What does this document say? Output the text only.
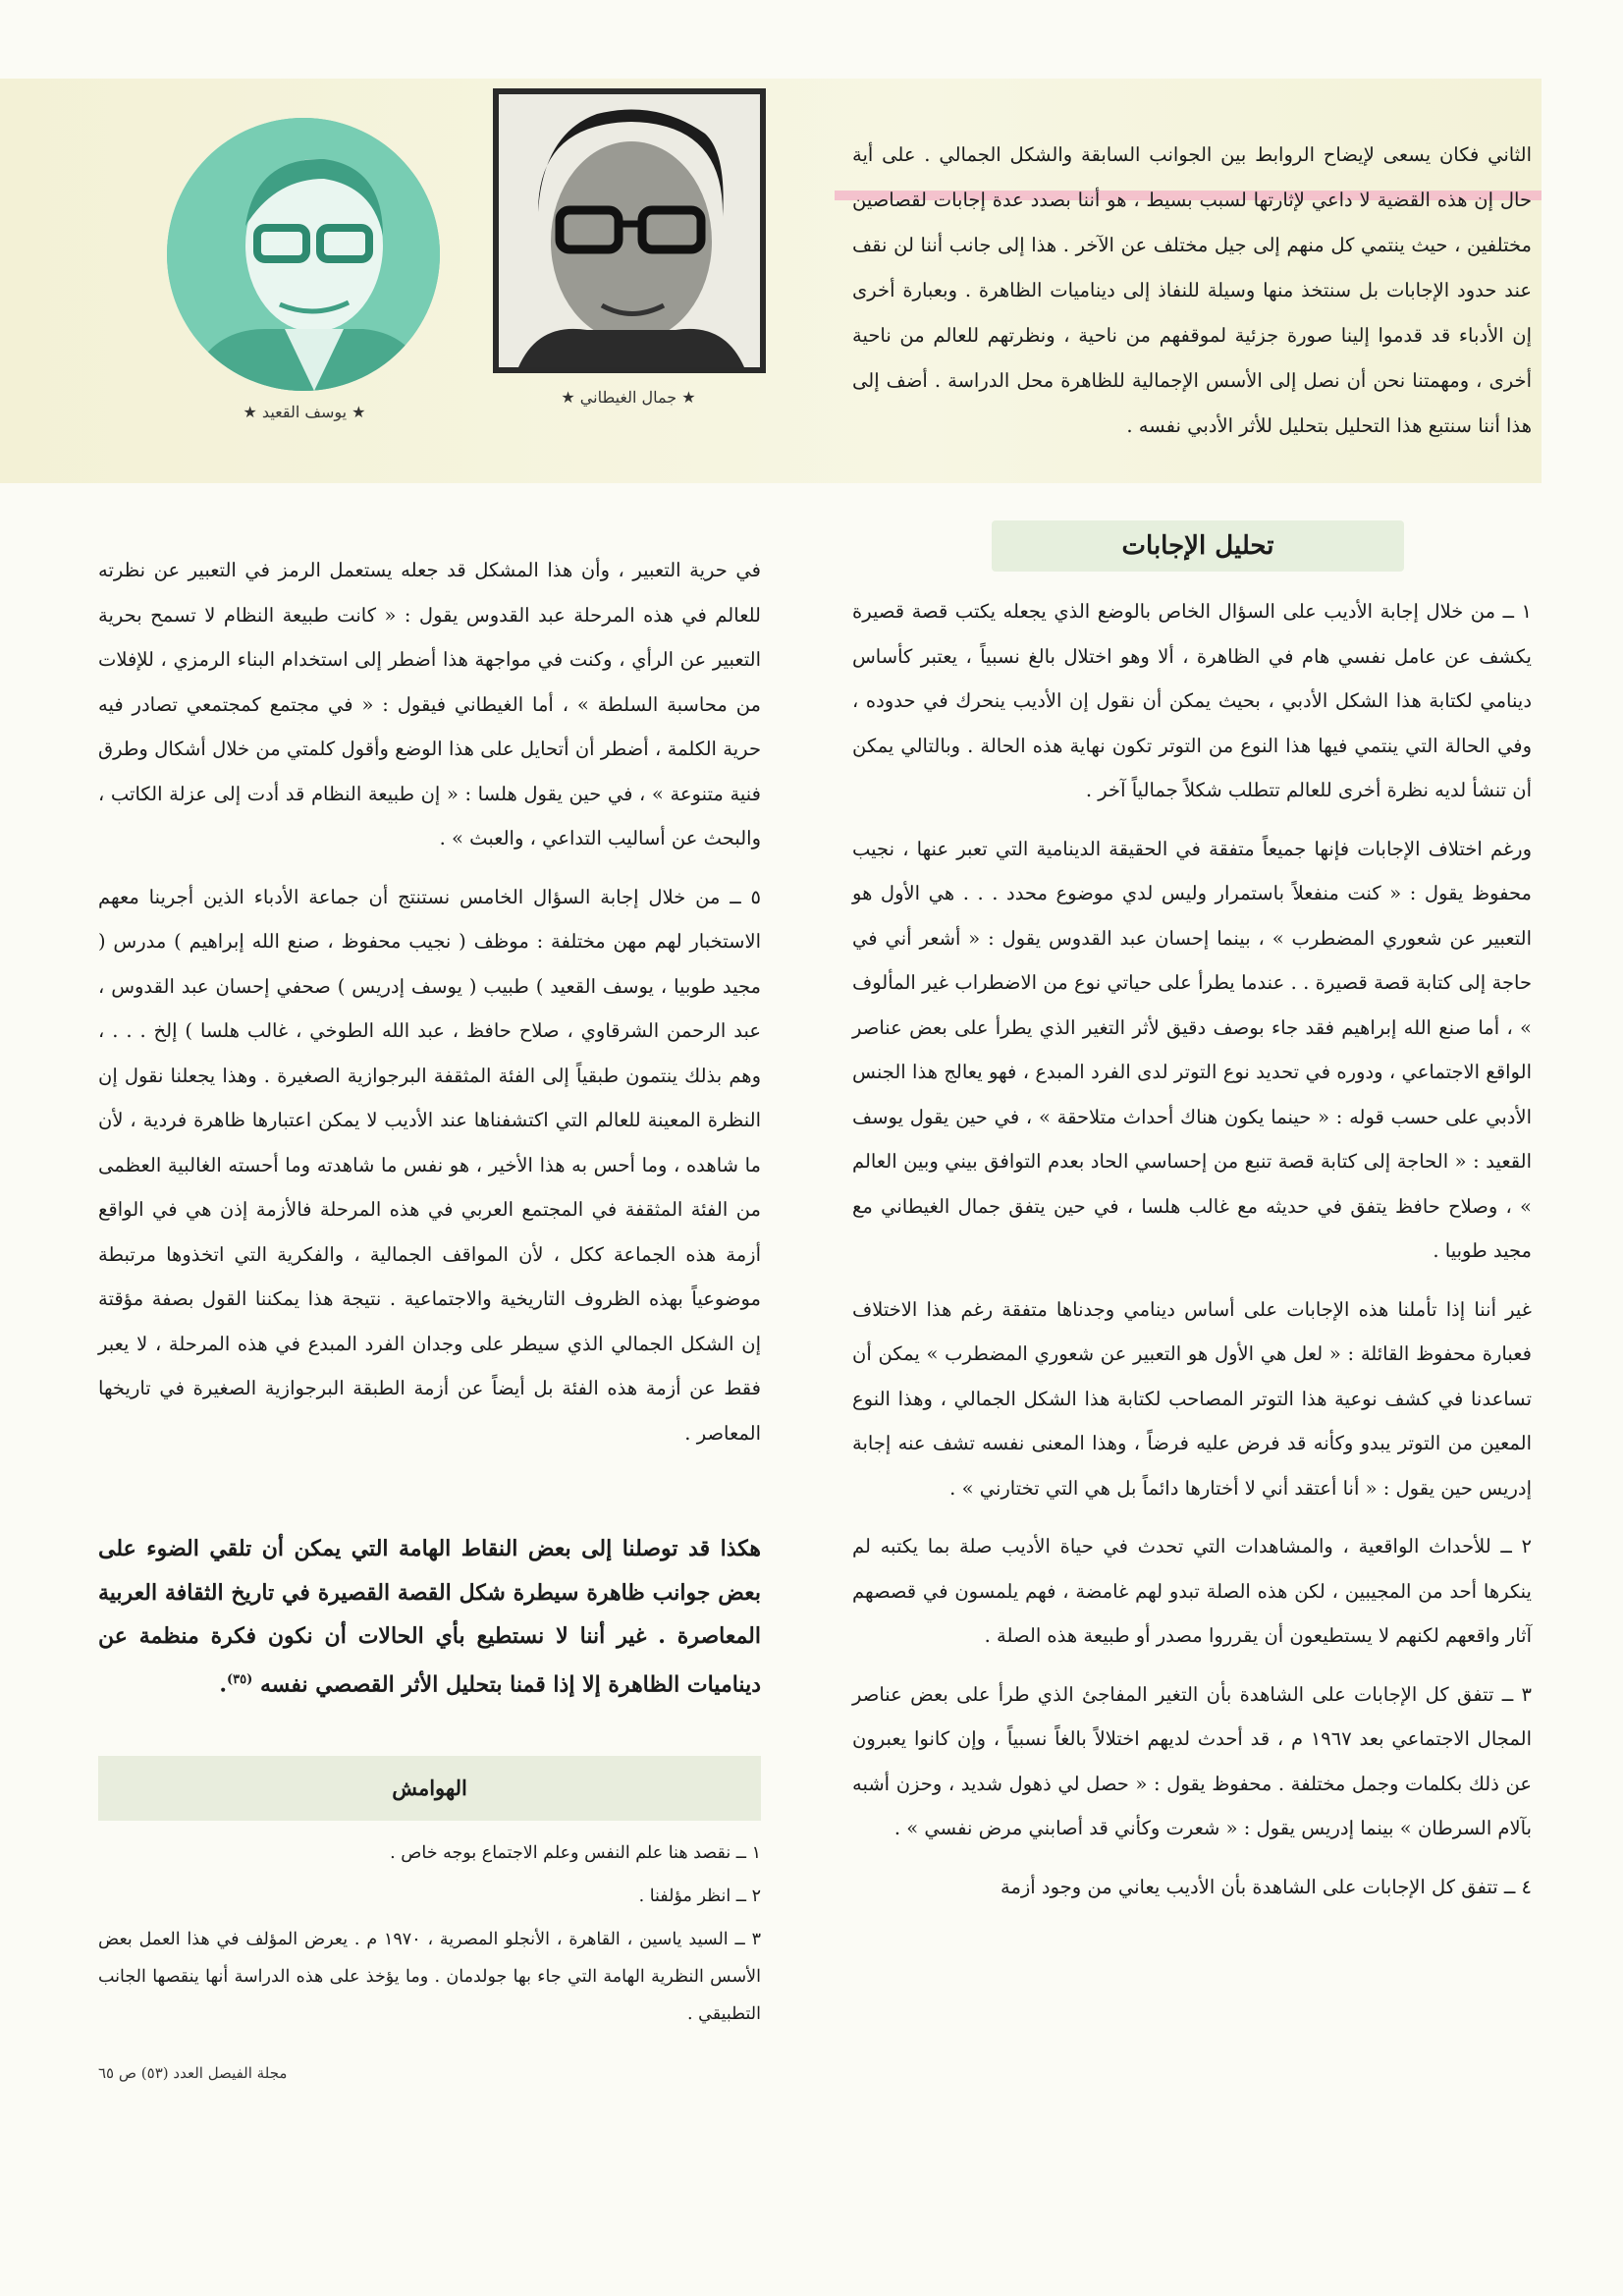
★ جمال الغيطاني ★
★ يوسف القعيد ★

الثاني فكان يسعى لإيضاح الروابط بين الجوانب السابقة والشكل الجمالي . على أية حال إن هذه القضية لا داعي لإثارتها لسبب بسيط ، هو أننا بصدد عدة إجابات لقصاصين مختلفين ، حيث ينتمي كل منهم إلى جيل مختلف عن الآخر . هذا إلى جانب أننا لن نقف عند حدود الإجابات بل سنتخذ منها وسيلة للنفاذ إلى ديناميات الظاهرة . وبعبارة أخرى إن الأدباء قد قدموا إلينا صورة جزئية لموقفهم من ناحية ، ونظرتهم للعالم من ناحية أخرى ، ومهمتنا نحن أن نصل إلى الأسس الإجمالية للظاهرة محل الدراسة . أضف إلى هذا أننا سنتبع هذا التحليل بتحليل للأثر الأدبي نفسه .

تحليل الإجابات

١ ــ من خلال إجابة الأديب على السؤال الخاص بالوضع الذي يجعله يكتب قصة قصيرة يكشف عن عامل نفسي هام في الظاهرة ، ألا وهو اختلال بالغ نسبياً ، يعتبر كأساس دينامي لكتابة هذا الشكل الأدبي ، بحيث يمكن أن نقول إن الأديب ينحرك في حدوده ، وفي الحالة التي ينتمي فيها هذا النوع من التوتر تكون نهاية هذه الحالة . وبالتالي يمكن أن تنشأ لديه نظرة أخرى للعالم تتطلب شكلاً جمالياً آخر .

ورغم اختلاف الإجابات فإنها جميعاً متفقة في الحقيقة الدينامية التي تعبر عنها ، نجيب محفوظ يقول : « كنت منفعلاً باستمرار وليس لدي موضوع محدد . . . هي الأول هو التعبير عن شعوري المضطرب » ، بينما إحسان عبد القدوس يقول : « أشعر أني في حاجة إلى كتابة قصة قصيرة . . عندما يطرأ على حياتي نوع من الاضطراب غير المألوف » ، أما صنع الله إبراهيم فقد جاء بوصف دقيق لأثر التغير الذي يطرأ على بعض عناصر الواقع الاجتماعي ، ودوره في تحديد نوع التوتر لدى الفرد المبدع ، فهو يعالج هذا الجنس الأدبي على حسب قوله : « حينما يكون هناك أحداث متلاحقة » ، في حين يقول يوسف القعيد : « الحاجة إلى كتابة قصة تنبع من إحساسي الحاد بعدم التوافق بيني وبين العالم » ، وصلاح حافظ يتفق في حديثه مع غالب هلسا ، في حين يتفق جمال الغيطاني مع مجيد طوبيا .

غير أننا إذا تأملنا هذه الإجابات على أساس دينامي وجدناها متفقة رغم هذا الاختلاف فعبارة محفوظ القائلة : « لعل هي الأول هو التعبير عن شعوري المضطرب » يمكن أن تساعدنا في كشف نوعية هذا التوتر المصاحب لكتابة هذا الشكل الجمالي ، وهذا النوع المعين من التوتر يبدو وكأنه قد فرض عليه فرضاً ، وهذا المعنى نفسه تشف عنه إجابة إدريس حين يقول : « أنا أعتقد أني لا أختارها دائماً بل هي التي تختارني » .

٢ ــ للأحداث الواقعية ، والمشاهدات التي تحدث في حياة الأديب صلة بما يكتبه لم ينكرها أحد من المجيبين ، لكن هذه الصلة تبدو لهم غامضة ، فهم يلمسون في قصصهم آثار واقعهم لكنهم لا يستطيعون أن يقرروا مصدر أو طبيعة هذه الصلة .

٣ ــ تتفق كل الإجابات على الشاهدة بأن التغير المفاجئ الذي طرأ على بعض عناصر المجال الاجتماعي بعد ١٩٦٧ م ، قد أحدث لديهم اختلالاً بالغاً نسبياً ، وإن كانوا يعبرون عن ذلك بكلمات وجمل مختلفة . محفوظ يقول : « حصل لي ذهول شديد ، وحزن أشبه بآلام السرطان » بينما إدريس يقول : « شعرت وكأني قد أصابني مرض نفسي » .

٤ ــ تتفق كل الإجابات على الشاهدة بأن الأديب يعاني من وجود أزمة

في حرية التعبير ، وأن هذا المشكل قد جعله يستعمل الرمز في التعبير عن نظرته للعالم في هذه المرحلة عبد القدوس يقول : « كانت طبيعة النظام لا تسمح بحرية التعبير عن الرأي ، وكنت في مواجهة هذا أضطر إلى استخدام البناء الرمزي ، للإفلات من محاسبة السلطة » ، أما الغيطاني فيقول : « في مجتمع كمجتمعي تصادر فيه حرية الكلمة ، أضطر أن أتحايل على هذا الوضع وأقول كلمتي من خلال أشكال وطرق فنية متنوعة » ، في حين يقول هلسا : « إن طبيعة النظام قد أدت إلى عزلة الكاتب ، والبحث عن أساليب التداعي ، والعبث » .

٥ ــ من خلال إجابة السؤال الخامس نستنتج أن جماعة الأدباء الذين أجرينا معهم الاستخبار لهم مهن مختلفة : موظف ( نجيب محفوظ ، صنع الله إبراهيم ) مدرس ( مجيد طوبيا ، يوسف القعيد ) طبيب ( يوسف إدريس ) صحفي إحسان عبد القدوس ، عبد الرحمن الشرقاوي ، صلاح حافظ ، عبد الله الطوخي ، غالب هلسا ) إلخ . . . ، وهم بذلك ينتمون طبقياً إلى الفئة المثقفة البرجوازية الصغيرة . وهذا يجعلنا نقول إن النظرة المعينة للعالم التي اكتشفناها عند الأديب لا يمكن اعتبارها ظاهرة فردية ، لأن ما شاهده ، وما أحس به هذا الأخير ، هو نفس ما شاهدته وما أحسته الغالبية العظمى من الفئة المثقفة في المجتمع العربي في هذه المرحلة فالأزمة إذن هي في الواقع أزمة هذه الجماعة ككل ، لأن المواقف الجمالية ، والفكرية التي اتخذوها مرتبطة موضوعياً بهذه الظروف التاريخية والاجتماعية . نتيجة هذا يمكننا القول بصفة مؤقتة إن الشكل الجمالي الذي سيطر على وجدان الفرد المبدع في هذه المرحلة ، لا يعبر فقط عن أزمة هذه الفئة بل أيضاً عن أزمة الطبقة البرجوازية الصغيرة في تاريخها المعاصر .

هكذا قد توصلنا إلى بعض النقاط الهامة التي يمكن أن تلقي الضوء على بعض جوانب ظاهرة سيطرة شكل القصة القصيرة في تاريخ الثقافة العربية المعاصرة . غير أننا لا نستطيع بأي الحالات أن نكون فكرة منظمة عن ديناميات الظاهرة إلا إذا قمنا بتحليل الأثر القصصي نفسه $^{(٣٥)}$.
الهوامش

١ ــ نقصد هنا علم النفس وعلم الاجتماع بوجه خاص .

٢ ــ انظر مؤلفنا .

٣ ــ السيد ياسين ، القاهرة ، الأنجلو المصرية ، ١٩٧٠ م . يعرض المؤلف في هذا العمل بعض الأسس النظرية الهامة التي جاء بها جولدمان . وما يؤخذ على هذه الدراسة أنها ينقصها الجانب التطبيقي .

مجلة الفيصل العدد (٥٣) ص ٦٥
